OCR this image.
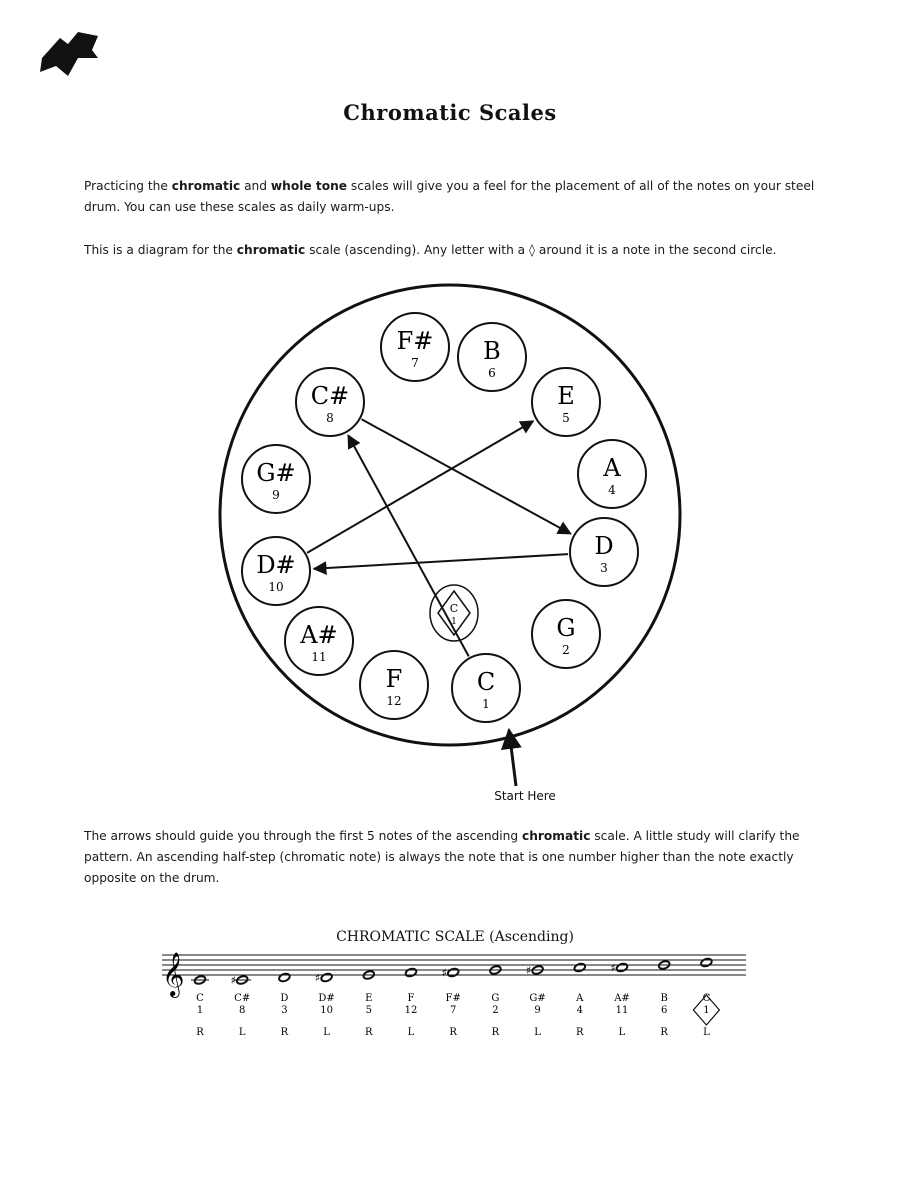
8
Chromatic Scales
Practicing the chromatic and whole tone scales will give you a feel for the placement of all of the notes on your steel drum. You can use these scales as daily warm-ups.
This is a diagram for the chromatic scale (ascending). Any letter with a ◊ around it is a note in the second circle.
C
1
G
2
D
3
A
4
E
5
B
6
F#
7
C#
8
G#
9
D#
10
A#
11
F
12
C
1
Start Here
The arrows should guide you through the first 5 notes of the ascending chromatic scale. A little study will clarify the pattern. An ascending half-step (chromatic note) is always the note that is one number higher than the note exactly opposite on the drum.
CHROMATIC SCALE (Ascending)
𝄞
C
1
R
♯
C#
8
L
D
3
R
♯
D#
10
L
E
5
R
F
12
L
♯
F#
7
R
G
2
R
♯
G#
9
L
A
4
R
♯
A#
11
L
B
6
R
C
1
L
